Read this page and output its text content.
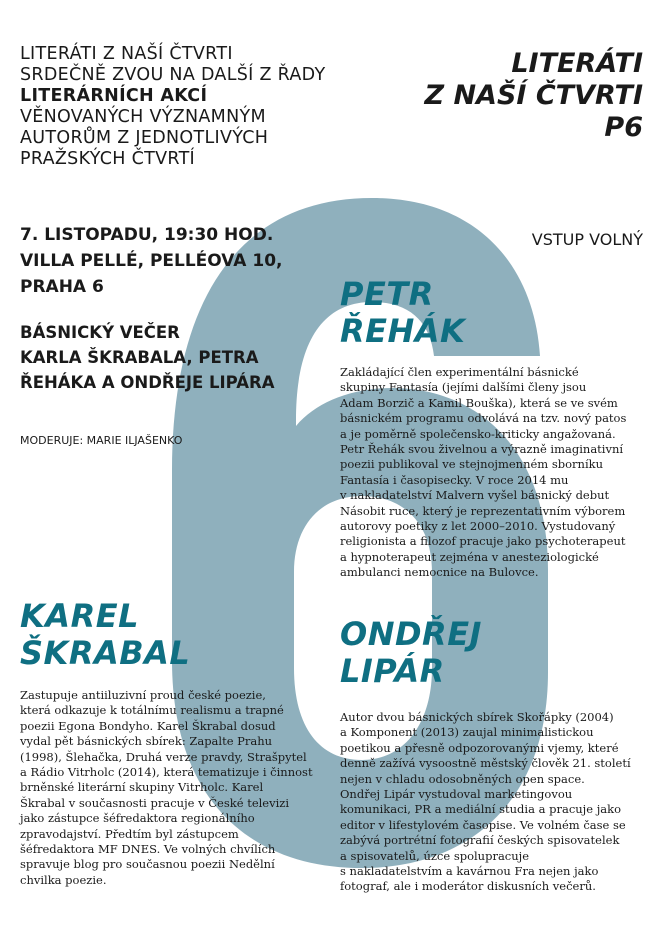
LITERÁTI Z NAŠÍ ČTVRTI
SRDEČNĚ ZVOU NA DALŠÍ Z ŘADY
LITERÁRNÍCH AKCÍ
VĚNOVANÝCH VÝZNAMNÝM
AUTORŮM Z JEDNOTLIVÝCH
PRAŽSKÝCH ČTVRTÍ
LITERÁTI
Z NAŠÍ ČTVRTI
P6
7. LISTOPADU, 19:30 HOD.
VILLA PELLÉ, PELLÉOVA 10,
PRAHA 6
VSTUP VOLNÝ
BÁSNICKÝ VEČER
KARLA ŠKRABALA, PETRA
ŘEHÁKA A ONDŘEJE LIPÁRA
MODERUJE: MARIE ILJAŠENKO
PETR
ŘEHÁK
Zakládající člen experimentální básnické
skupiny Fantasía (jejími dalšími členy jsou
Adam Borzič a Kamil Bouška), která se ve svém
básnickém programu odvolává na tzv. nový patos
a je poměrně společensko-kriticky angažovaná.
Petr Řehák svou živelnou a výrazně imaginativní
poezii publikoval ve stejnojmenném sborníku
Fantasía i časopisecky. V roce 2014 mu
v nakladatelství Malvern vyšel básnický debut
Násobit ruce, který je reprezentativním výborem
autorovy poetiky z let 2000–2010. Vystudovaný
religionista a filozof pracuje jako psychoterapeut
a hypnoterapeut zejména v anesteziologické
ambulanci nemocnice na Bulovce.
KAREL
ŠKRABAL
Zastupuje antiiluzivní proud české poezie,
která odkazuje k totálnímu realismu a trapné
poezii Egona Bondyho. Karel Škrabal dosud
vydal pět básnických sbírek: Zapalte Prahu
(1998), Šlehačka, Druhá verze pravdy, Strašpytel
a Rádio Vitrholc (2014), která tematizuje i činnost
brněnské literární skupiny Vitrholc. Karel
Škrabal v současnosti pracuje v České televizi
jako zástupce šéfredaktora regionálního
zpravodajství. Předtím byl zástupcem
šéfredaktora MF DNES. Ve volných chvílích
spravuje blog pro současnou poezii Nedělní
chvilka poezie.
ONDŘEJ
LIPÁR
Autor dvou básnických sbírek Skořápky (2004)
a Komponent (2013) zaujal minimalistickou
poetikou a přesně odpozorovanými vjemy, které
denně zažívá vysoostně městský člověk 21. století
nejen v chladu odosobněných open space.
Ondřej Lipár vystudoval marketingovou
komunikaci, PR a mediální studia a pracuje jako
editor v lifestylovém časopise. Ve volném čase se
zabývá portrétní fotografií českých spisovatelek
a spisovatelů, úzce spolupracuje
s nakladatelstvím a kavárnou Fra nejen jako
fotograf, ale i moderátor diskusních večerů.
